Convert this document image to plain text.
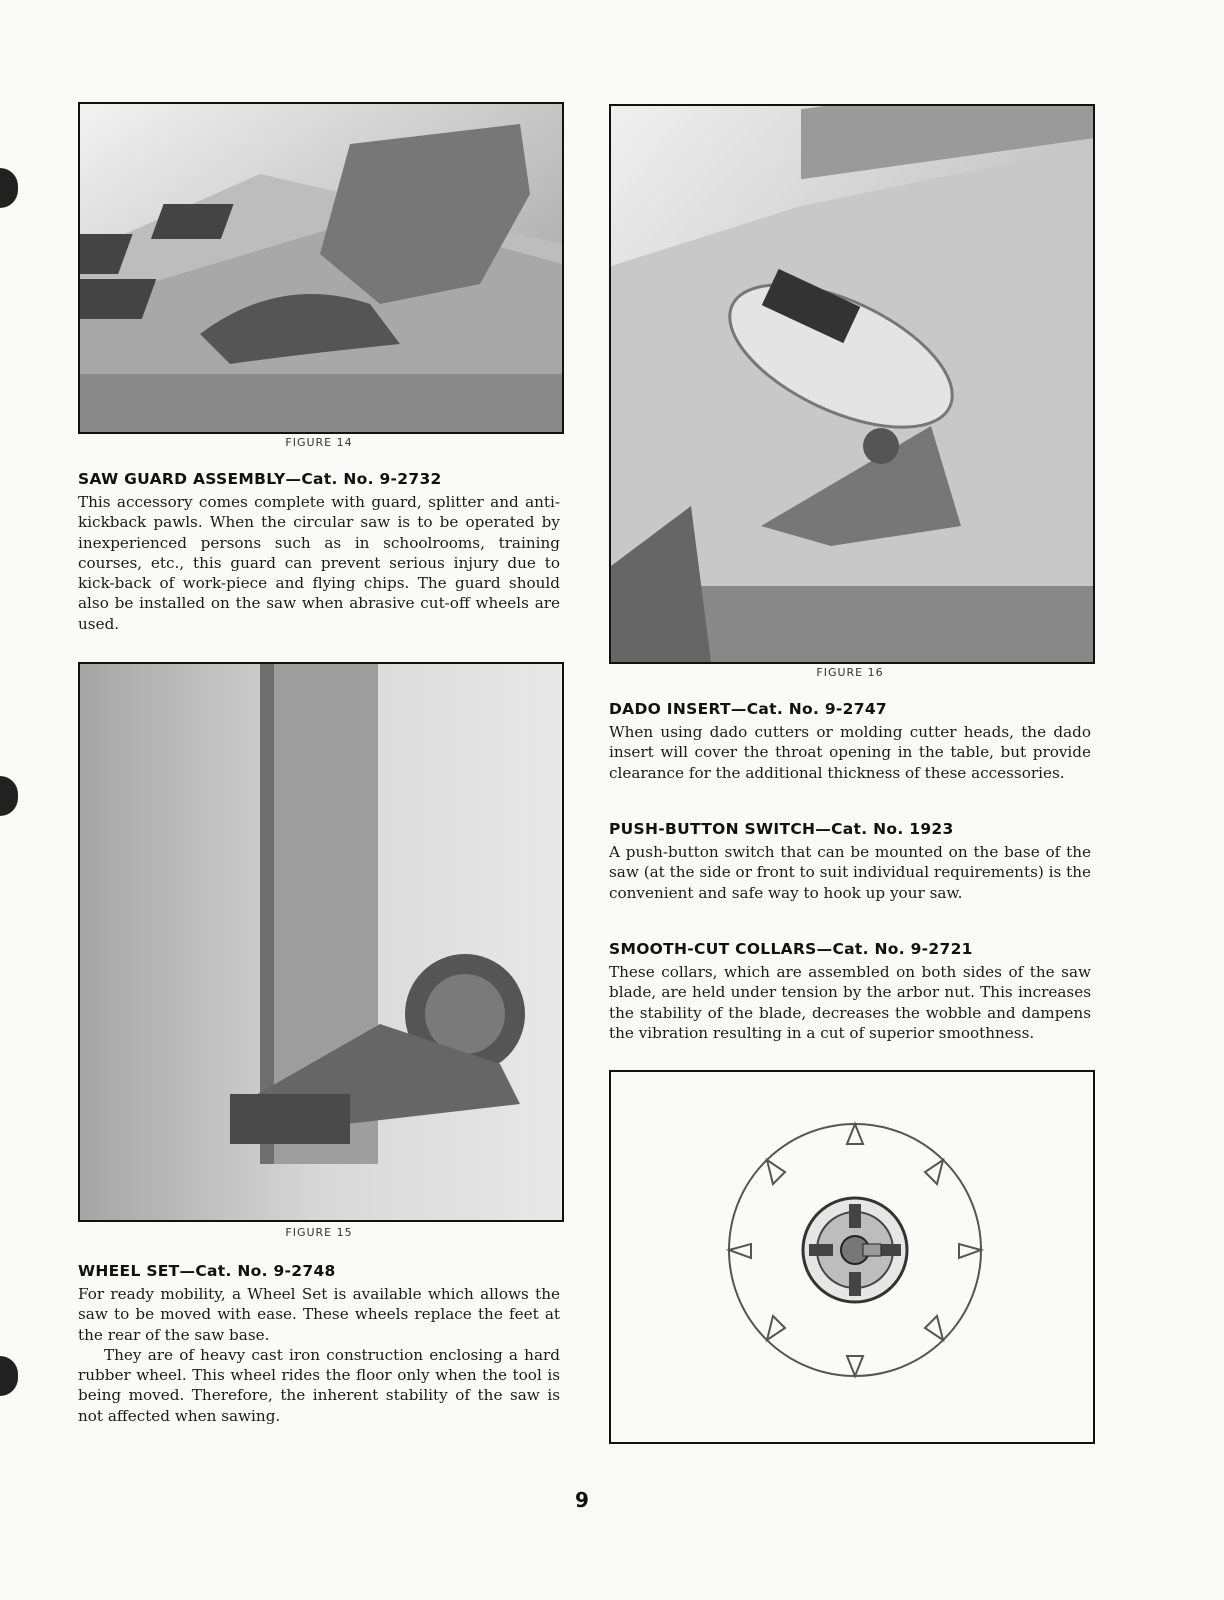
FIGURE 14
SAW GUARD ASSEMBLY—Cat. No. 9-2732

This accessory comes complete with guard, splitter and anti-kickback pawls. When the circular saw is to be operated by inexperienced persons such as in schoolrooms, training courses, etc., this guard can prevent serious injury due to kick-back of work-piece and flying chips. The guard should also be installed on the saw when abrasive cut-off wheels are used.

FIGURE 15
WHEEL SET—Cat. No. 9-2748

For ready mobility, a Wheel Set is available which allows the saw to be moved with ease. These wheels replace the feet at the rear of the saw base.

They are of heavy cast iron construction enclosing a hard rubber wheel. This wheel rides the floor only when the tool is being moved. Therefore, the inherent stability of the saw is not affected when sawing.

FIGURE 16
DADO INSERT—Cat. No. 9-2747

When using dado cutters or molding cutter heads, the dado insert will cover the throat opening in the table, but provide clearance for the additional thickness of these accessories.

PUSH-BUTTON SWITCH—Cat. No. 1923

A push-button switch that can be mounted on the base of the saw (at the side or front to suit individual requirements) is the convenient and safe way to hook up your saw.

SMOOTH-CUT COLLARS—Cat. No. 9-2721

These collars, which are assembled on both sides of the saw blade, are held under tension by the arbor nut. This increases the stability of the blade, decreases the wobble and dampens the vibration resulting in a cut of superior smoothness.

9
